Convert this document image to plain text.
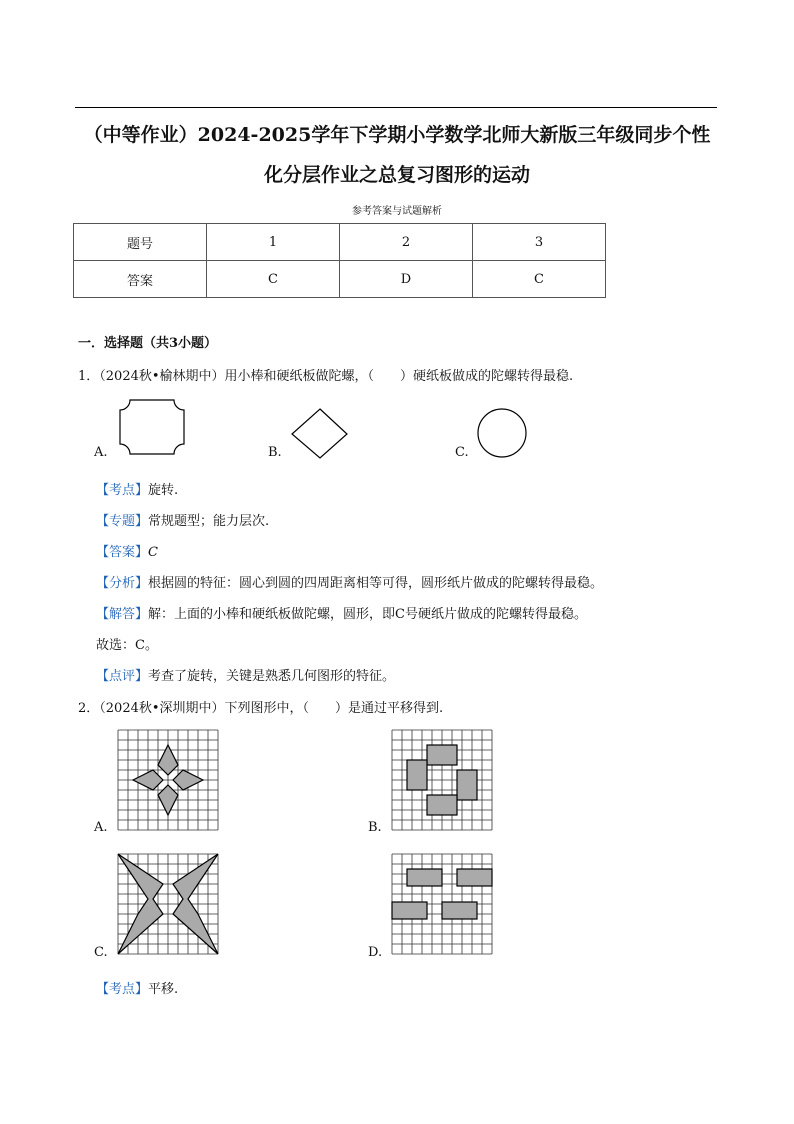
（中等作业）2024-2025学年下学期小学数学北师大新版三年级同步个性
化分层作业之总复习图形的运动
参考答案与试题解析
题号	1	2	3
答案	C	D	C
一．选择题（共3小题）
1．（2024秋•榆林期中）用小棒和硬纸板做陀螺，（　　）硬纸板做成的陀螺转得最稳.
A.	B.	C.
【考点】旋转.
【专题】常规题型；能力层次.
【答案】C
【分析】根据圆的特征：圆心到圆的四周距离相等可得，圆形纸片做成的陀螺转得最稳。
【解答】解：上面的小棒和硬纸板做陀螺，圆形，即C号硬纸片做成的陀螺转得最稳。
故选：C。
【点评】考查了旋转，关键是熟悉几何图形的特征。
2．（2024秋•深圳期中）下列图形中，（　　）是通过平移得到.
A.	B.
C.	D.
【考点】平移.
